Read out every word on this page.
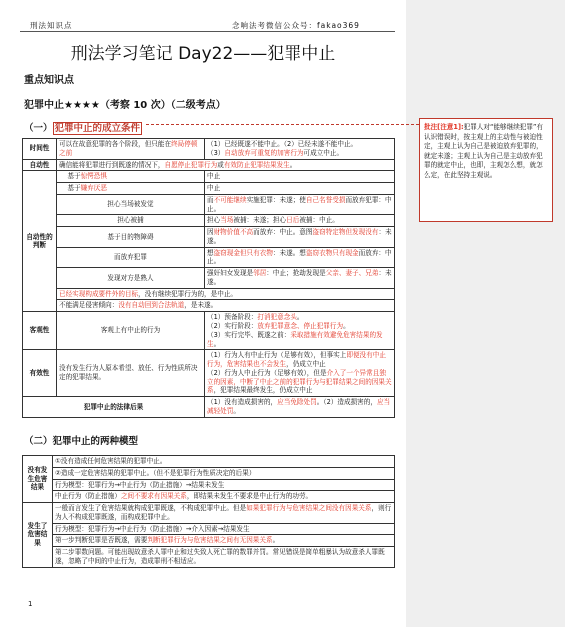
刑法知识点	念响法考微信公众号：fakao369
刑法学习笔记 Day22——犯罪中止
重点知识点
犯罪中止★★★★（考察 10 次）（二级考点）
（一） 犯罪中止的成立条件
时间性	可以在故意犯罪的各个阶段，但只能在终局停顿之前	（1）已经既遂不能中止。（2）已经未遂不能中止。
（3）自动放弃可重复的加害行为可成立中止。
自动性	确信能将犯罪进行到既遂的情况下，自愿停止犯罪行为或有效防止犯罪结果发生。	
自动性的判断	基于惊愕恐惧	中止
	基于嫌弃厌恶	中止
	担心当场被发觉	而不可能继续实施犯罪：未遂；使自己名誉受损而放弃犯罪：中止。
	担心被捕	担心当场被捕：未遂；担心日后被捕：中止。
	基于目的物障碍	因财物价值不高而放弃：中止。意图盗窃特定物但发现没有：未遂。
	而放弃犯罪	想盗窃现金但只有衣物：未遂。想盗窃衣物只有现金而放弃：中止。
	发现对方是熟人	强奸妇女发现是邻居：中止；抢劫发现是父亲、妻子、兄弟：未遂。
	已经实现构成要件外的目标，没有继续犯罪行为的，是中止。	
	不能满足侵害倾向：没有自动回到合法轨道，是未遂。	
客观性	客观上有中止的行为	（1）预备阶段：打消犯意念头。
（2）实行阶段：放弃犯罪意念、停止犯罪行为。
（3）实行完毕、既遂之前：采取措施有效避免危害结果的发生。
有效性	没有发生行为人原本希望、放任、行为性质所决定的犯罪结果。	（1）行为人有中止行为（足够有效），但事实上即便没有中止行为，危害结果也不会发生，仍成立中止
（2）行为人中止行为（足够有效），但是介入了一个异常且独立的因素，中断了中止之前的犯罪行为与犯罪结果之间的因果关系，犯罪结果最终发生，仍成立中止
犯罪中止的法律后果		（1）没有造成损害的，应当免除处罚。（2）造成损害的，应当减轻处罚。
（二）犯罪中止的两种模型
没有发生危害结果	①没有造成任何危害结果的犯罪中止。
	②造成一定危害结果的犯罪中止。（但不是犯罪行为性质决定的后果）
	行为模型：犯罪行为→中止行为（防止措施）→结果未发生
	中止行为（防止措施）之间不要求有因果关系，即结果未发生不要求是中止行为的功劳。
发生了危害结果	一般而言发生了危害结果就构成犯罪既遂，不构成犯罪中止。但是如果犯罪行为与危害结果之间没有因果关系，则行为人不构成犯罪既遂，而构成犯罪中止。
	行为模型：犯罪行为→中止行为（防止措施）→介入因素→结果发生
	第一步判断犯罪是否既遂，需要判断犯罪行为与危害结果之间有无因果关系。
	第二步罪数问题。可能出现故意杀人罪中止和过失致人死亡罪的数罪并罚。常见错误是简单粗暴认为故意杀人罪既遂，忽略了中间的中止行为，造成罪刑不相适应。
1
批注[注意1]:犯罪人对“能够继续犯罪”有认识错误时，按主观上的主动性与被迫性定，主观上认为自己是被迫放弃犯罪的，就定未遂；主观上认为自己是主动放弃犯罪的就定中止，也即，主观怎么想，就怎么定，在此坚持主观说。
